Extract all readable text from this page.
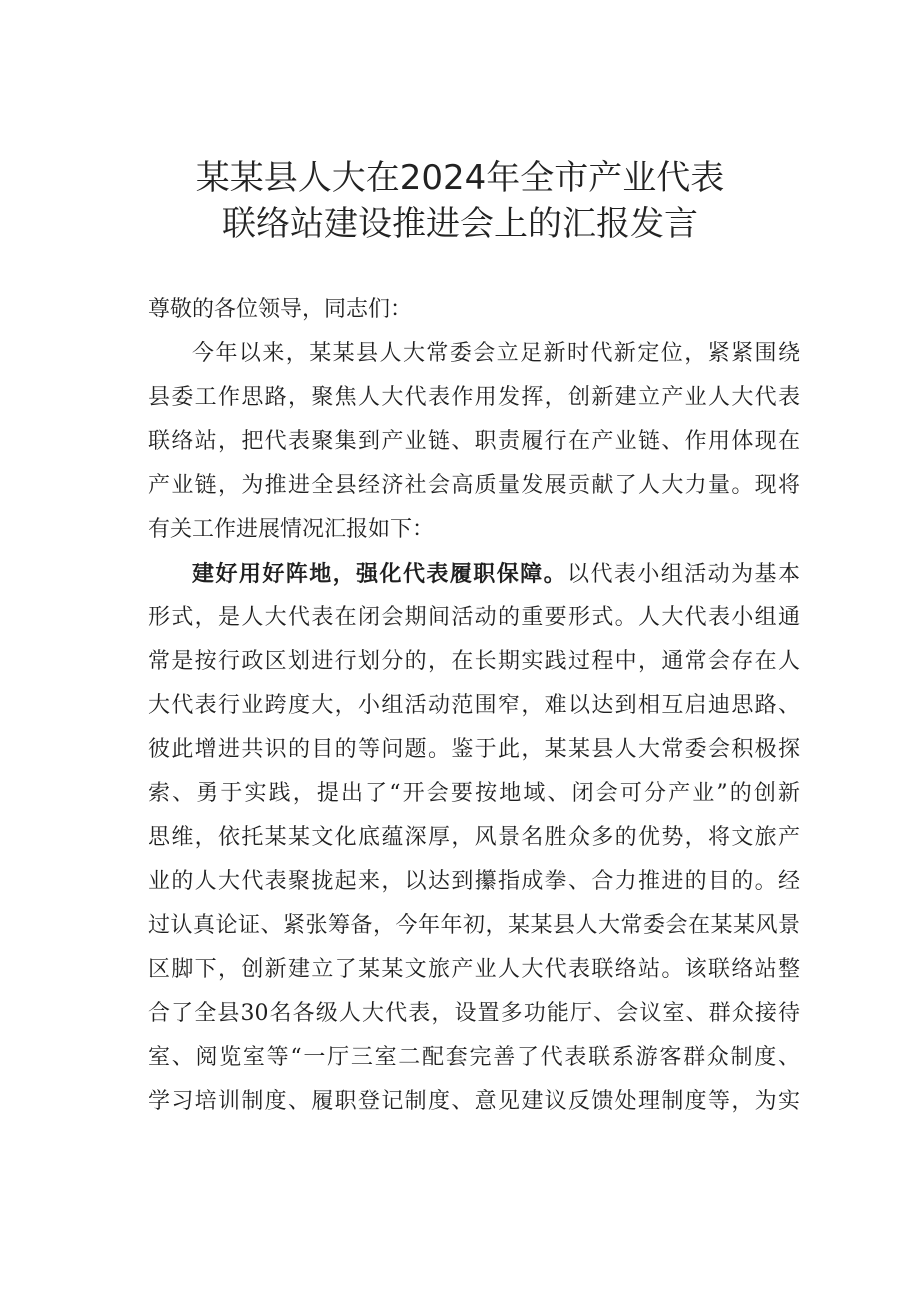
某某县人大在2024年全市产业代表
联络站建设推进会上的汇报发言
尊敬的各位领导，同志们：
今年以来，某某县人大常委会立足新时代新定位，紧紧围绕
县委工作思路，聚焦人大代表作用发挥，创新建立产业人大代表
联络站，把代表聚集到产业链、职责履行在产业链、作用体现在
产业链，为推进全县经济社会高质量发展贡献了人大力量。现将
有关工作进展情况汇报如下：
建好用好阵地，强化代表履职保障。以代表小组活动为基本
形式，是人大代表在闭会期间活动的重要形式。人大代表小组通
常是按行政区划进行划分的，在长期实践过程中，通常会存在人
大代表行业跨度大，小组活动范围窄，难以达到相互启迪思路、
彼此增进共识的目的等问题。鉴于此，某某县人大常委会积极探
索、勇于实践，提出了“开会要按地域、闭会可分产业”的创新
思维，依托某某文化底蕴深厚，风景名胜众多的优势，将文旅产
业的人大代表聚拢起来，以达到攥指成拳、合力推进的目的。经
过认真论证、紧张筹备，今年年初，某某县人大常委会在某某风景
区脚下，创新建立了某某文旅产业人大代表联络站。该联络站整
合了全县30名各级人大代表，设置多功能厅、会议室、群众接待
室、阅览室等“一厅三室二配套完善了代表联系游客群众制度、
学习培训制度、履职登记制度、意见建议反馈处理制度等，为实
